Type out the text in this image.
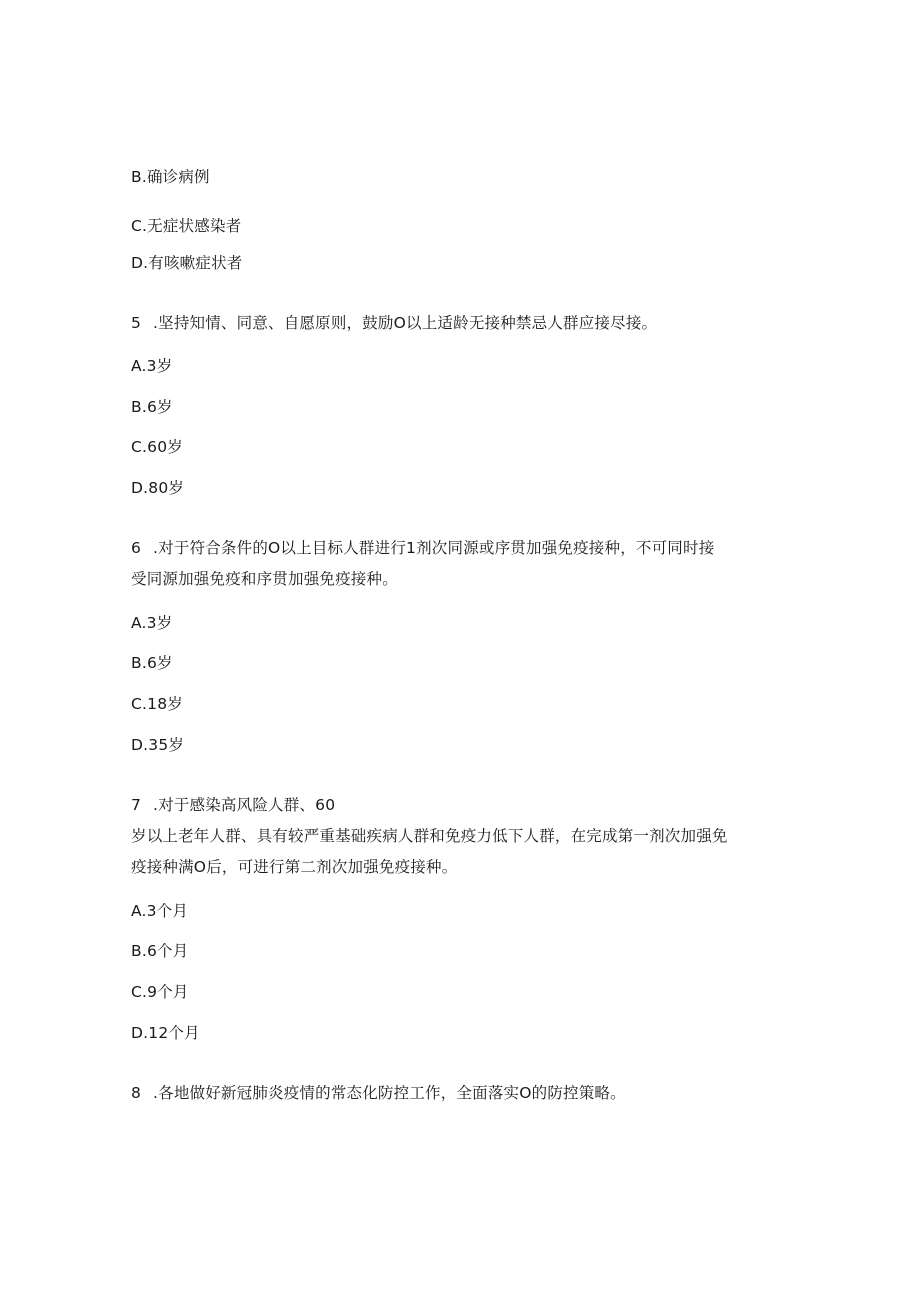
B.确诊病例
C.无症状感染者
D.有咳嗽症状者
5 .坚持知情、同意、自愿原则，鼓励O以上适龄无接种禁忌人群应接尽接。
A.3岁
B.6岁
C.60岁
D.80岁
6 .对于符合条件的O以上目标人群进行1剂次同源或序贯加强免疫接种，不可同时接
受同源加强免疫和序贯加强免疫接种。
A.3岁
B.6岁
C.18岁
D.35岁
7 .对于感染高风险人群、60
岁以上老年人群、具有较严重基础疾病人群和免疫力低下人群，在完成第一剂次加强免
疫接种满O后，可进行第二剂次加强免疫接种。
A.3个月
B.6个月
C.9个月
D.12个月
8 .各地做好新冠肺炎疫情的常态化防控工作，全面落实O的防控策略。
